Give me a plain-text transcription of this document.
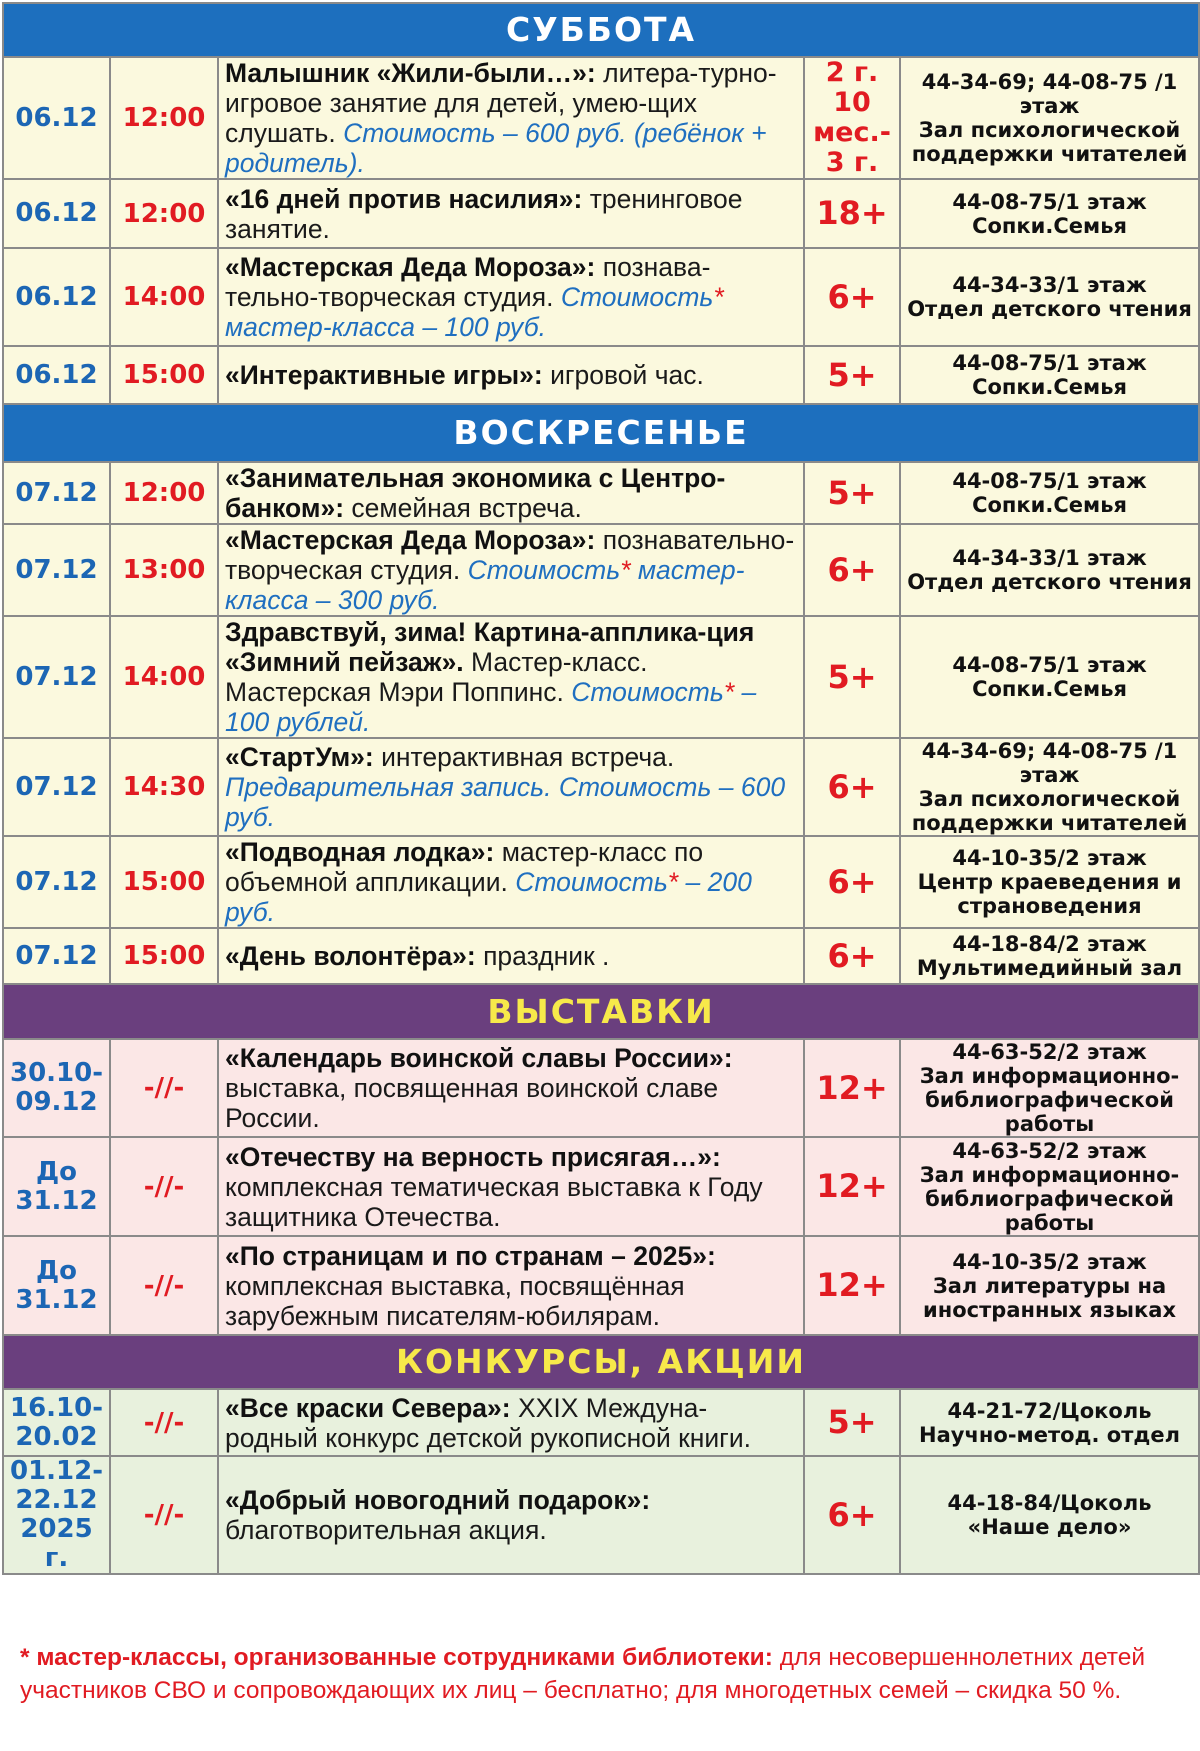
СУББОТА				
06.12	12:00	Малышник «Жили-были…»: литера-турно-игровое занятие для детей, умею-щих слушать. Стоимость – 600 руб. (ребёнок + родитель).	2 г. 10 мес.- 3 г.	44-34-69; 44-08-75 /1 этаж
Зал психологической поддержки читателей

06.12	12:00	«16 дней против насилия»: тренинговое занятие.	18+	44-08-75/1 этаж
Сопки.Семья

06.12	14:00	«Мастерская Деда Мороза»: познава-тельно-творческая студия. Стоимость* мастер-класса – 100 руб.	6+	44-34-33/1 этаж
Отдел детского чтения

06.12	15:00	«Интерактивные игры»: игровой час.	5+	44-08-75/1 этаж
Сопки.Семья

ВОСКРЕСЕНЬЕ				
07.12	12:00	«Занимательная экономика с Центро-банком»: семейная встреча.	5+	44-08-75/1 этаж
Сопки.Семья

07.12	13:00	«Мастерская Деда Мороза»: познавательно-творческая студия. Стоимость* мастер-класса – 300 руб.	6+	44-34-33/1 этаж
Отдел детского чтения

07.12	14:00	Здравствуй, зима! Картина-апплика-ция «Зимний пейзаж». Мастер-класс. Мастерская Мэри Поппинс. Стоимость* – 100 рублей.	5+	44-08-75/1 этаж
Сопки.Семья

07.12	14:30	«СтартУм»: интерактивная встреча. Предварительная запись. Стоимость – 600 руб.	6+	44-34-69; 44-08-75 /1 этаж
Зал психологической поддержки читателей

07.12	15:00	«Подводная лодка»: мастер-класс по объемной аппликации. Стоимость* – 200 руб.	6+	44-10-35/2 этаж
Центр краеведения и страноведения

07.12	15:00	«День волонтёра»: праздник .	6+	44-18-84/2 этаж
Мультимедийный зал

ВЫСТАВКИ				
30.10- 09.12	-//-	«Календарь воинской славы России»: выставка, посвященная воинской славе России.	12+	44-63-52/2 этаж
Зал информационно-библиографической работы

До 31.12	-//-	«Отечеству на верность присягая…»: комплексная тематическая выставка к Году защитника Отечества.	12+	44-63-52/2 этаж
Зал информационно-библиографической работы

До 31.12	-//-	«По страницам и по странам – 2025»: комплексная выставка, посвящённая зарубежным писателям-юбилярам.	12+	44-10-35/2 этаж
Зал литературы на иностранных языках

КОНКУРСЫ, АКЦИИ				
16.10- 20.02	-//-	«Все краски Севера»: XXIX Междуна-родный конкурс детской рукописной книги.	5+	44-21-72/Цоколь
Научно-метод. отдел

01.12- 22.12 2025 г.	-//-	«Добрый новогодний подарок»: благотворительная акция.	6+	44-18-84/Цоколь
«Наше дело»
* мастер-классы, организованные сотрудниками библиотеки: для несовершеннолетних детей участников СВО и сопровождающих их лиц – бесплатно; для многодетных семей – скидка 50 %.
